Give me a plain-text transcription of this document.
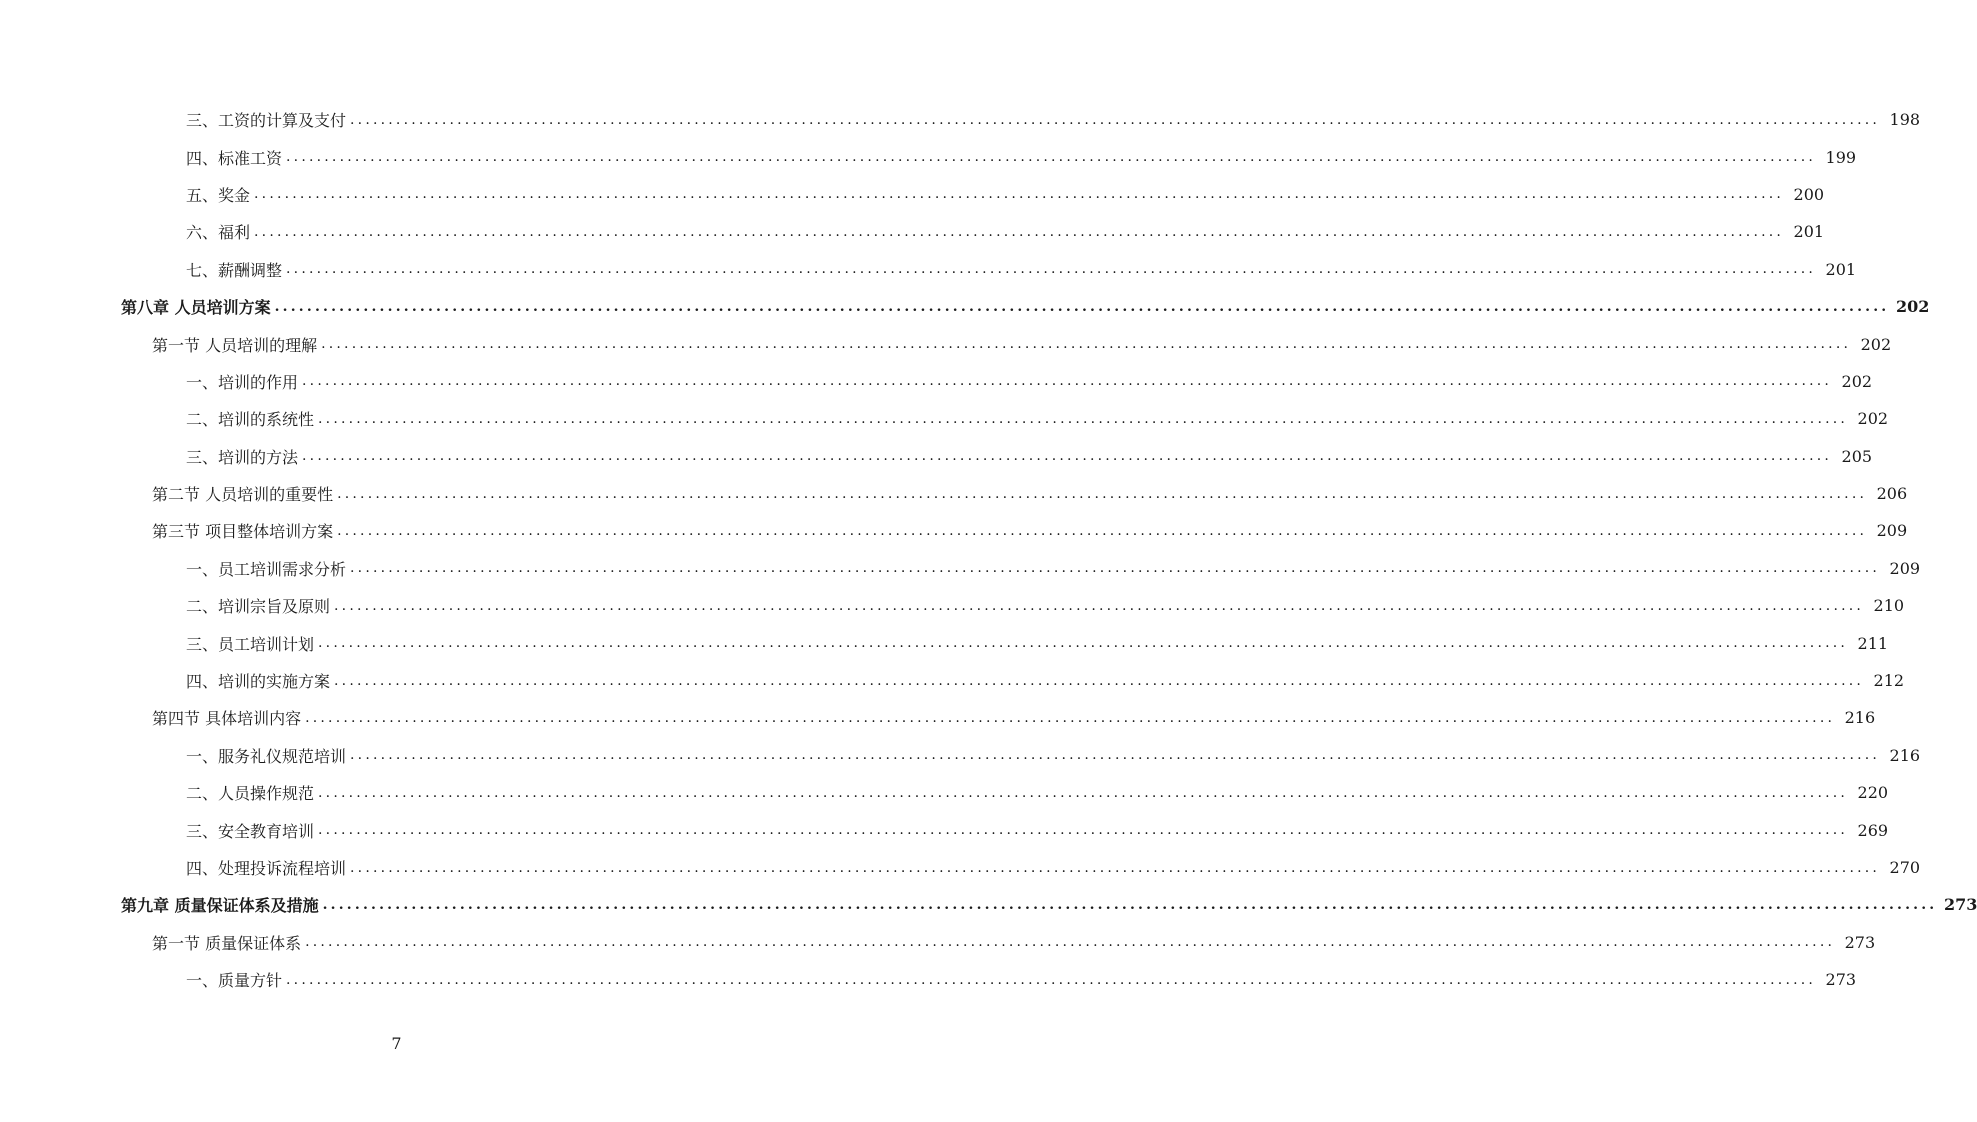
三、工资的计算及支付 ........................................................................................................................................................................................................ 198
四、标准工资 ........................................................................................................................................................................................................ 199
五、奖金 ........................................................................................................................................................................................................ 200
六、福利 ........................................................................................................................................................................................................ 201
七、薪酬调整 ........................................................................................................................................................................................................ 201
第八章 人员培训方案 ........................................................................................................................................................................................................ 202
第一节 人员培训的理解 ........................................................................................................................................................................................................ 202
一、培训的作用 ........................................................................................................................................................................................................ 202
二、培训的系统性 ........................................................................................................................................................................................................ 202
三、培训的方法 ........................................................................................................................................................................................................ 205
第二节 人员培训的重要性 ........................................................................................................................................................................................................ 206
第三节 项目整体培训方案 ........................................................................................................................................................................................................ 209
一、员工培训需求分析 ........................................................................................................................................................................................................ 209
二、培训宗旨及原则 ........................................................................................................................................................................................................ 210
三、员工培训计划 ........................................................................................................................................................................................................ 211
四、培训的实施方案 ........................................................................................................................................................................................................ 212
第四节 具体培训内容 ........................................................................................................................................................................................................ 216
一、服务礼仪规范培训 ........................................................................................................................................................................................................ 216
二、人员操作规范 ........................................................................................................................................................................................................ 220
三、安全教育培训 ........................................................................................................................................................................................................ 269
四、处理投诉流程培训 ........................................................................................................................................................................................................ 270
第九章 质量保证体系及措施 ........................................................................................................................................................................................................ 273
第一节 质量保证体系 ........................................................................................................................................................................................................ 273
一、质量方针 ........................................................................................................................................................................................................ 273
7
